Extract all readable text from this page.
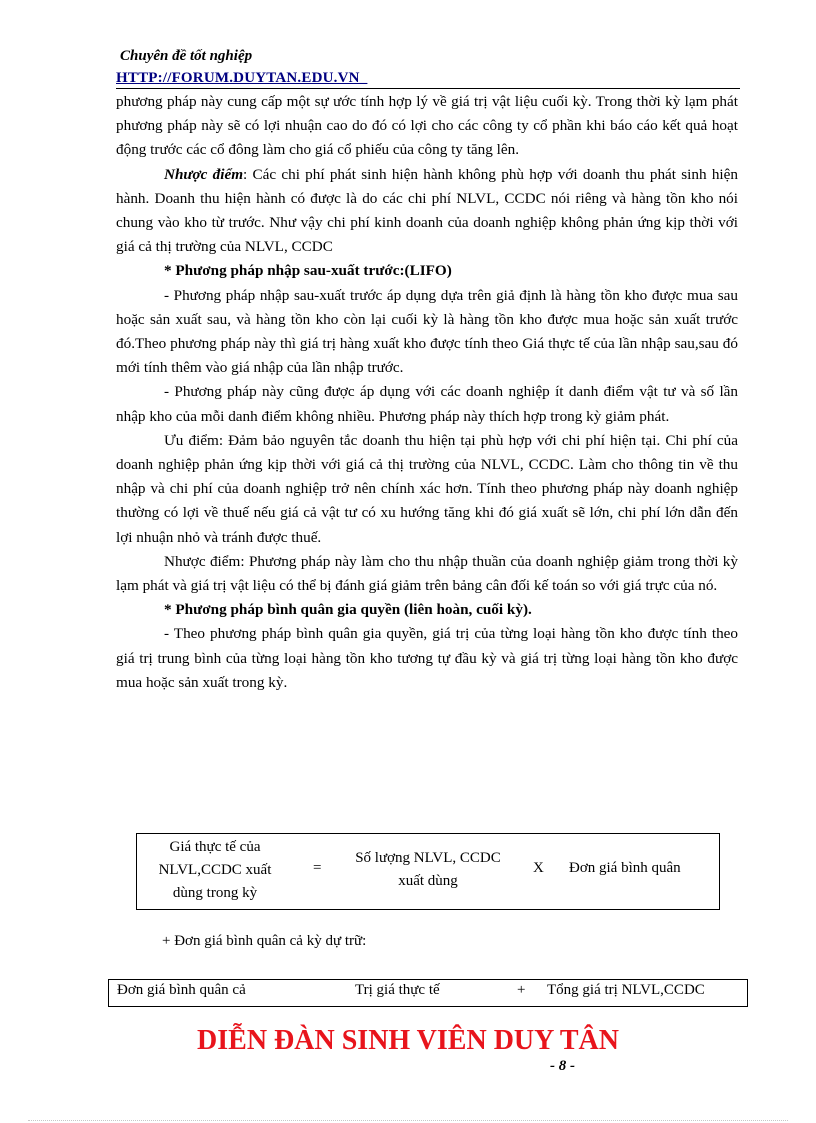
Chuyên đề tốt nghiệp
HTTP://FORUM.DUYTAN.EDU.VN_

phương pháp này cung cấp một sự ước tính hợp lý về giá trị vật liệu cuối kỳ. Trong thời kỳ lạm phát phương pháp này sẽ có lợi nhuận cao do đó có lợi cho các công ty cổ phần khi báo cáo kết quả hoạt động trước các cổ đông làm cho giá cổ phiếu của công ty tăng lên.

Nhược điểm: Các chi phí phát sinh hiện hành không phù hợp với doanh thu phát sinh hiện hành. Doanh thu hiện hành có được là do các chi phí NLVL, CCDC nói riêng và hàng tồn kho nói chung vào kho từ trước. Như vậy chi phí kinh doanh của doanh nghiệp không phản ứng kịp thời với giá cả thị trường của NLVL, CCDC

* Phương pháp nhập sau-xuất trước:(LIFO)

- Phương pháp nhập sau-xuất trước áp dụng dựa trên giả định là hàng tồn kho được mua sau hoặc sản xuất sau, và hàng tồn kho còn lại cuối kỳ là hàng tồn kho được mua hoặc sản xuất trước đó.Theo phương pháp này thì giá trị hàng xuất kho được tính theo Giá thực tế của lần nhập sau,sau đó mới tính thêm vào giá nhập của lần nhập trước.

- Phương pháp này cũng được áp dụng với các doanh nghiệp ít danh điểm vật tư và số lần nhập kho của mỗi danh điểm không nhiều. Phương pháp này thích hợp trong kỳ giảm phát.

Ưu điểm: Đảm bảo nguyên tắc doanh thu hiện tại phù hợp với chi phí hiện tại. Chi phí của doanh nghiệp phản ứng kịp thời với giá cả thị trường của NLVL, CCDC. Làm cho thông tin về thu nhập và chi phí của doanh nghiệp trở nên chính xác hơn. Tính theo phương pháp này doanh nghiệp thường có lợi về thuế nếu giá cả vật tư có xu hướng tăng khi đó giá xuất sẽ lớn, chi phí lớn dẫn đến lợi nhuận nhỏ và tránh được thuế.

Nhược điểm: Phương pháp này làm cho thu nhập thuần của doanh nghiệp giảm trong thời kỳ lạm phát và giá trị vật liệu có thể bị đánh giá giảm trên bảng cân đối kế toán so với giá trực của nó.

* Phương pháp bình quân gia quyền (liên hoàn, cuối kỳ).

- Theo phương pháp bình quân gia quyền, giá trị của từng loại hàng tồn kho được tính theo giá trị trung bình của từng loại hàng tồn kho tương tự đầu kỳ và giá trị từng loại hàng tồn kho được mua hoặc sản xuất trong kỳ.

Giá thực tế của
NLVL,CCDC xuất
dùng trong kỳ
=
Số lượng NLVL, CCDC
xuất dùng
X Đơn giá bình quân
+ Đơn giá bình quân cả kỳ dự trữ:
Đơn giá bình quân cả	Trị giá thực tế	+ Tổng giá trị NLVL,CCDC
DIỄN ĐÀN SINH VIÊN DUY TÂN
- 8 -
